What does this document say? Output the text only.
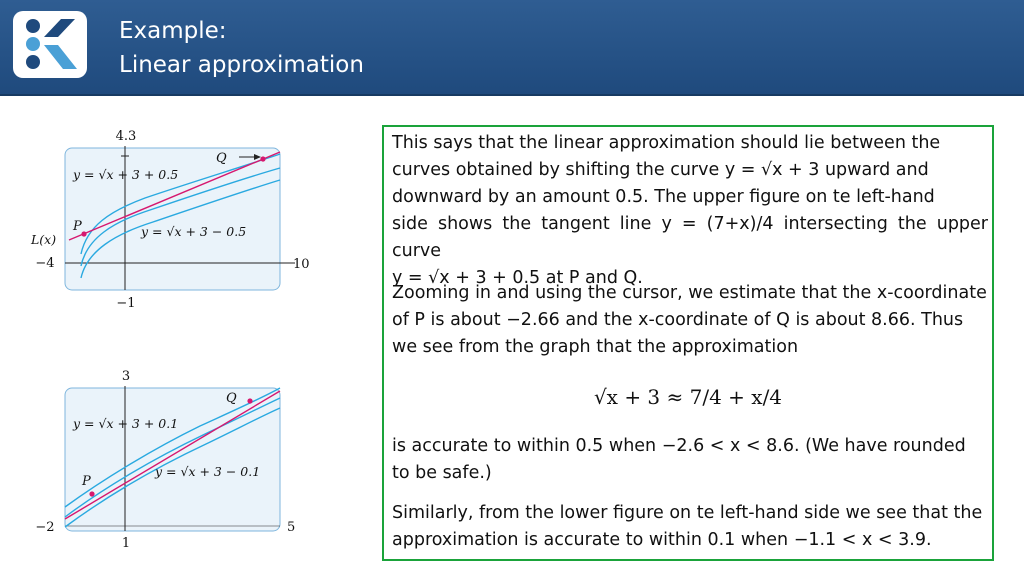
Example:
Linear approximation
4.3
−4	10
−1
y = √x + 3 + 0.5
y = √x + 3 − 0.5
L(x)
P
Q
3
−2	5
1
y = √x + 3 + 0.1
y = √x + 3 − 0.1
P
Q
This says that the linear approximation should lie between the
curves obtained by shifting the curve y = √x + 3 upward and
downward by an amount 0.5. The upper figure on te left-hand
side shows the tangent line y = (7+x)/4 intersecting the upper curve
y = √x + 3 + 0.5 at P and Q.
Zooming in and using the cursor, we estimate that the x-coordinate
of P is about −2.66 and the x-coordinate of Q is about 8.66. Thus
we see from the graph that the approximation
√x + 3 ≈ 7/4 + x/4
is accurate to within 0.5 when −2.6 < x < 8.6. (We have rounded
to be safe.)
Similarly, from the lower figure on te left-hand side we see that the
approximation is accurate to within 0.1 when −1.1 < x < 3.9.
